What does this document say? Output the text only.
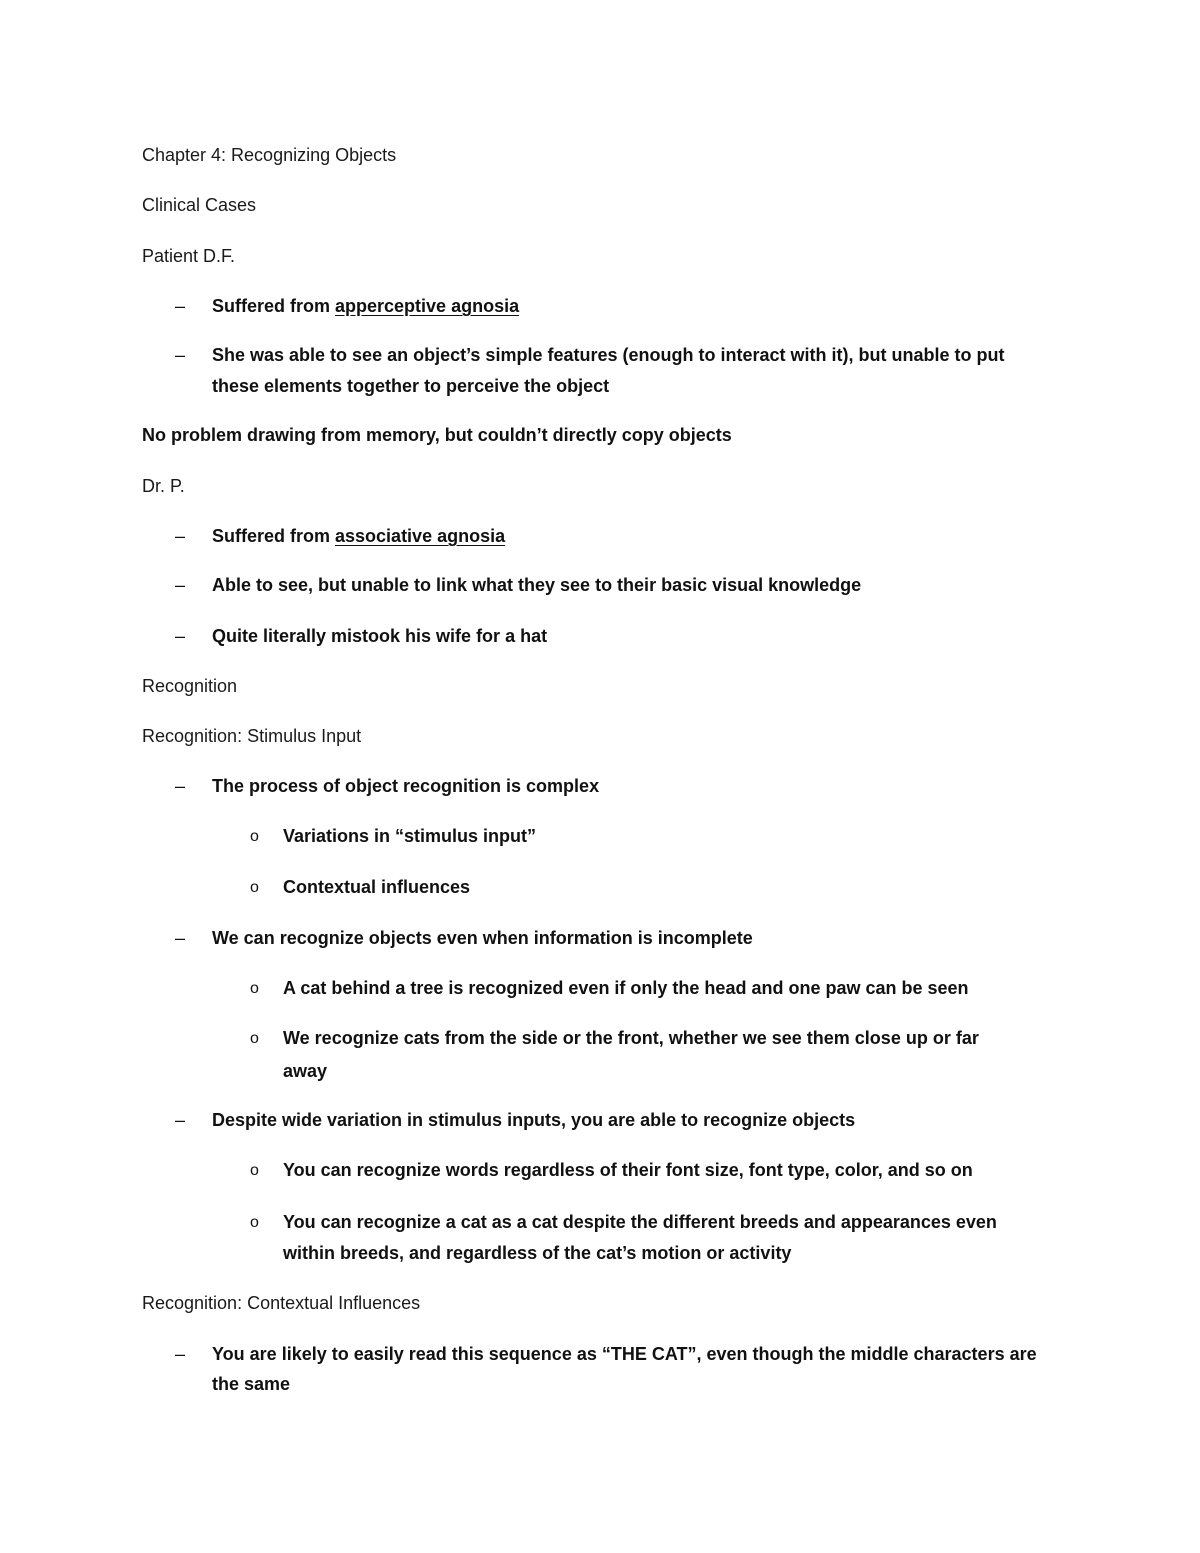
Chapter 4: Recognizing Objects
Clinical Cases
Patient D.F.
– Suffered from apperceptive agnosia
– She was able to see an object’s simple features (enough to interact with it), but unable to put
these elements together to perceive the object
No problem drawing from memory, but couldn’t directly copy objects
Dr. P.
– Suffered from associative agnosia
– Able to see, but unable to link what they see to their basic visual knowledge
– Quite literally mistook his wife for a hat
Recognition
Recognition: Stimulus Input
– The process of object recognition is complex
o Variations in “stimulus input”
o Contextual influences
– We can recognize objects even when information is incomplete
o A cat behind a tree is recognized even if only the head and one paw can be seen
o We recognize cats from the side or the front, whether we see them close up or far
away
– Despite wide variation in stimulus inputs, you are able to recognize objects
o You can recognize words regardless of their font size, font type, color, and so on
o You can recognize a cat as a cat despite the different breeds and appearances even
within breeds, and regardless of the cat’s motion or activity
Recognition: Contextual Influences
– You are likely to easily read this sequence as “THE CAT”, even though the middle characters are
the same
